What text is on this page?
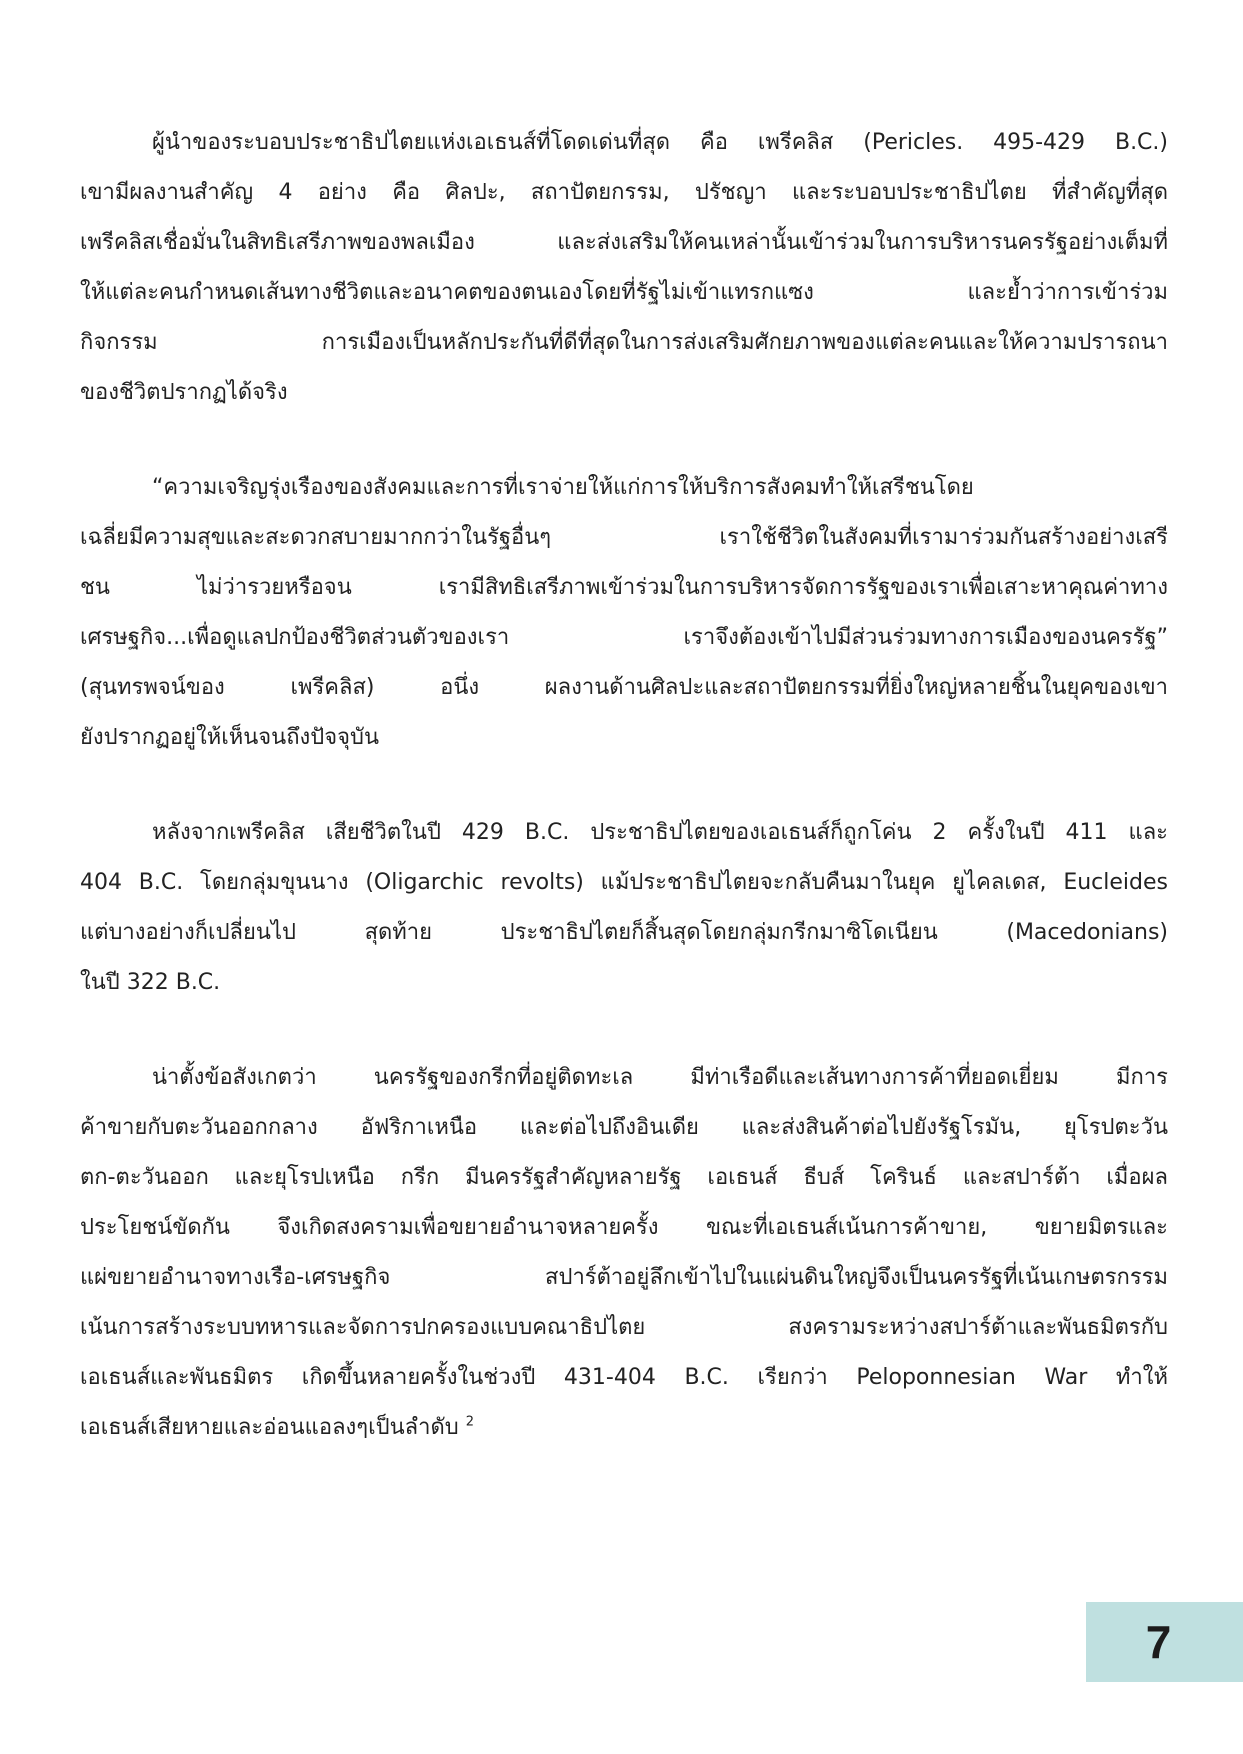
ผู้นำของระบอบประชาธิปไตยแห่งเอเธนส์ที่โดดเด่นที่สุด คือ เพรีคลิส (Pericles. 495-429 B.C.)
เขามีผลงานสำคัญ 4 อย่าง คือ ศิลปะ, สถาปัตยกรรม, ปรัชญา และระบอบประชาธิปไตย ที่สำคัญที่สุด
เพรีคลิสเชื่อมั่นในสิทธิเสรีภาพของพลเมือง และส่งเสริมให้คนเหล่านั้นเข้าร่วมในการบริหารนครรัฐอย่างเต็มที่
ให้แต่ละคนกำหนดเส้นทางชีวิตและอนาคตของตนเองโดยที่รัฐไม่เข้าแทรกแซง และย้ำว่าการเข้าร่วม
กิจกรรม การเมืองเป็นหลักประกันที่ดีที่สุดในการส่งเสริมศักยภาพของแต่ละคนและให้ความปรารถนา
ของชีวิตปรากฏได้จริง
“ความเจริญรุ่งเรืองของสังคมและการที่เราจ่ายให้แก่การให้บริการสังคมทำให้เสรีชนโดย
เฉลี่ยมีความสุขและสะดวกสบายมากกว่าในรัฐอื่นๆ เราใช้ชีวิตในสังคมที่เรามาร่วมกันสร้างอย่างเสรี
ชน ไม่ว่ารวยหรือจน เรามีสิทธิเสรีภาพเข้าร่วมในการบริหารจัดการรัฐของเราเพื่อเสาะหาคุณค่าทาง
เศรษฐกิจ...เพื่อดูแลปกป้องชีวิตส่วนตัวของเรา เราจึงต้องเข้าไปมีส่วนร่วมทางการเมืองของนครรัฐ”
(สุนทรพจน์ของ เพรีคลิส) อนึ่ง ผลงานด้านศิลปะและสถาปัตยกรรมที่ยิ่งใหญ่หลายชิ้นในยุคของเขา
ยังปรากฏอยู่ให้เห็นจนถึงปัจจุบัน
หลังจากเพรีคลิส เสียชีวิตในปี 429 B.C. ประชาธิปไตยของเอเธนส์ก็ถูกโค่น 2 ครั้งในปี 411 และ
404 B.C. โดยกลุ่มขุนนาง (Oligarchic revolts) แม้ประชาธิปไตยจะกลับคืนมาในยุค ยูไคลเดส, Eucleides
แต่บางอย่างก็เปลี่ยนไป สุดท้าย ประชาธิปไตยก็สิ้นสุดโดยกลุ่มกรีกมาซิโดเนียน (Macedonians)
ในปี 322 B.C.
น่าตั้งข้อสังเกตว่า นครรัฐของกรีกที่อยู่ติดทะเล มีท่าเรือดีและเส้นทางการค้าที่ยอดเยี่ยม มีการ
ค้าขายกับตะวันออกกลาง อัฟริกาเหนือ และต่อไปถึงอินเดีย และส่งสินค้าต่อไปยังรัฐโรมัน, ยุโรปตะวัน
ตก-ตะวันออก และยุโรปเหนือ กรีก มีนครรัฐสำคัญหลายรัฐ เอเธนส์ ธีบส์ โครินธ์ และสปาร์ต้า เมื่อผล
ประโยชน์ขัดกัน จึงเกิดสงครามเพื่อขยายอำนาจหลายครั้ง ขณะที่เอเธนส์เน้นการค้าขาย, ขยายมิตรและ
แผ่ขยายอำนาจทางเรือ-เศรษฐกิจ สปาร์ต้าอยู่ลึกเข้าไปในแผ่นดินใหญ่จึงเป็นนครรัฐที่เน้นเกษตรกรรม
เน้นการสร้างระบบทหารและจัดการปกครองแบบคณาธิปไตย สงครามระหว่างสปาร์ต้าและพันธมิตรกับ
เอเธนส์และพันธมิตร เกิดขึ้นหลายครั้งในช่วงปี 431-404 B.C. เรียกว่า Peloponnesian War ทำให้
เอเธนส์เสียหายและอ่อนแอลงๆเป็นลำดับ $^2$
7
